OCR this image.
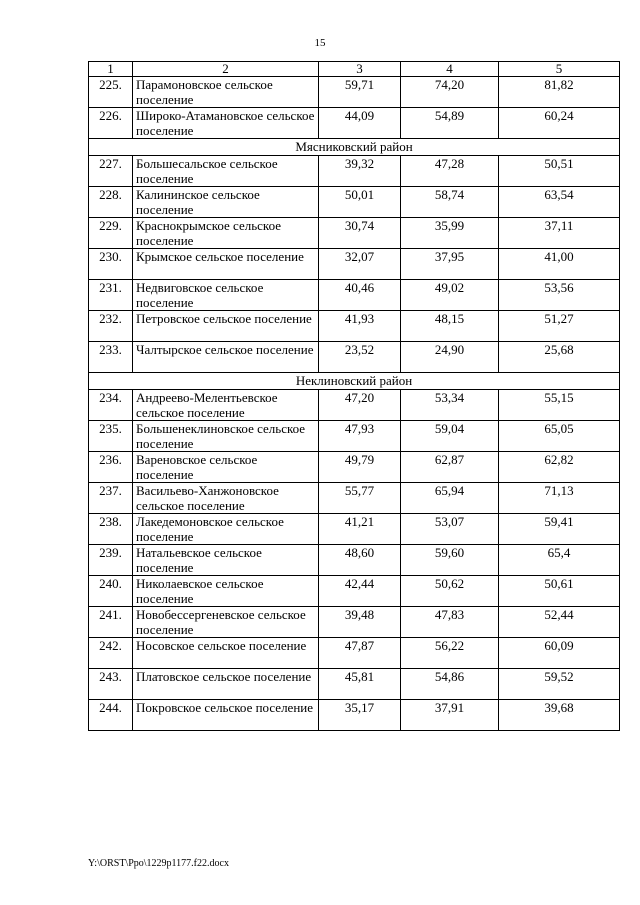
15
1	2	3	4	5
225.	Парамоновское сельское поселение	59,71	74,20	81,82
226.	Широко-Атамановское сельское поселение	44,09	54,89	60,24
Мясниковский район				
227.	Большесальское сельское поселение	39,32	47,28	50,51
228.	Калининское сельское поселение	50,01	58,74	63,54
229.	Краснокрымское сельское поселение	30,74	35,99	37,11
230.	Крымское сельское поселение	32,07	37,95	41,00
231.	Недвиговское сельское поселение	40,46	49,02	53,56
232.	Петровское сельское поселение	41,93	48,15	51,27
233.	Чалтырское сельское поселение	23,52	24,90	25,68
Неклиновский район				
234.	Андреево-Мелентьевское сельское поселение	47,20	53,34	55,15
235.	Большенеклиновское сельское поселение	47,93	59,04	65,05
236.	Вареновское сельское поселение	49,79	62,87	62,82
237.	Васильево-Ханжоновское сельское поселение	55,77	65,94	71,13
238.	Лакедемоновское сельское поселение	41,21	53,07	59,41
239.	Натальевское сельское поселение	48,60	59,60	65,4
240.	Николаевское сельское поселение	42,44	50,62	50,61
241.	Новобессергеневское сельское поселение	39,48	47,83	52,44
242.	Носовское сельское поселение	47,87	56,22	60,09
243.	Платовское сельское поселение	45,81	54,86	59,52
244.	Покровское сельское поселение	35,17	37,91	39,68
Y:\ORST\Ppo\1229p1177.f22.docx
